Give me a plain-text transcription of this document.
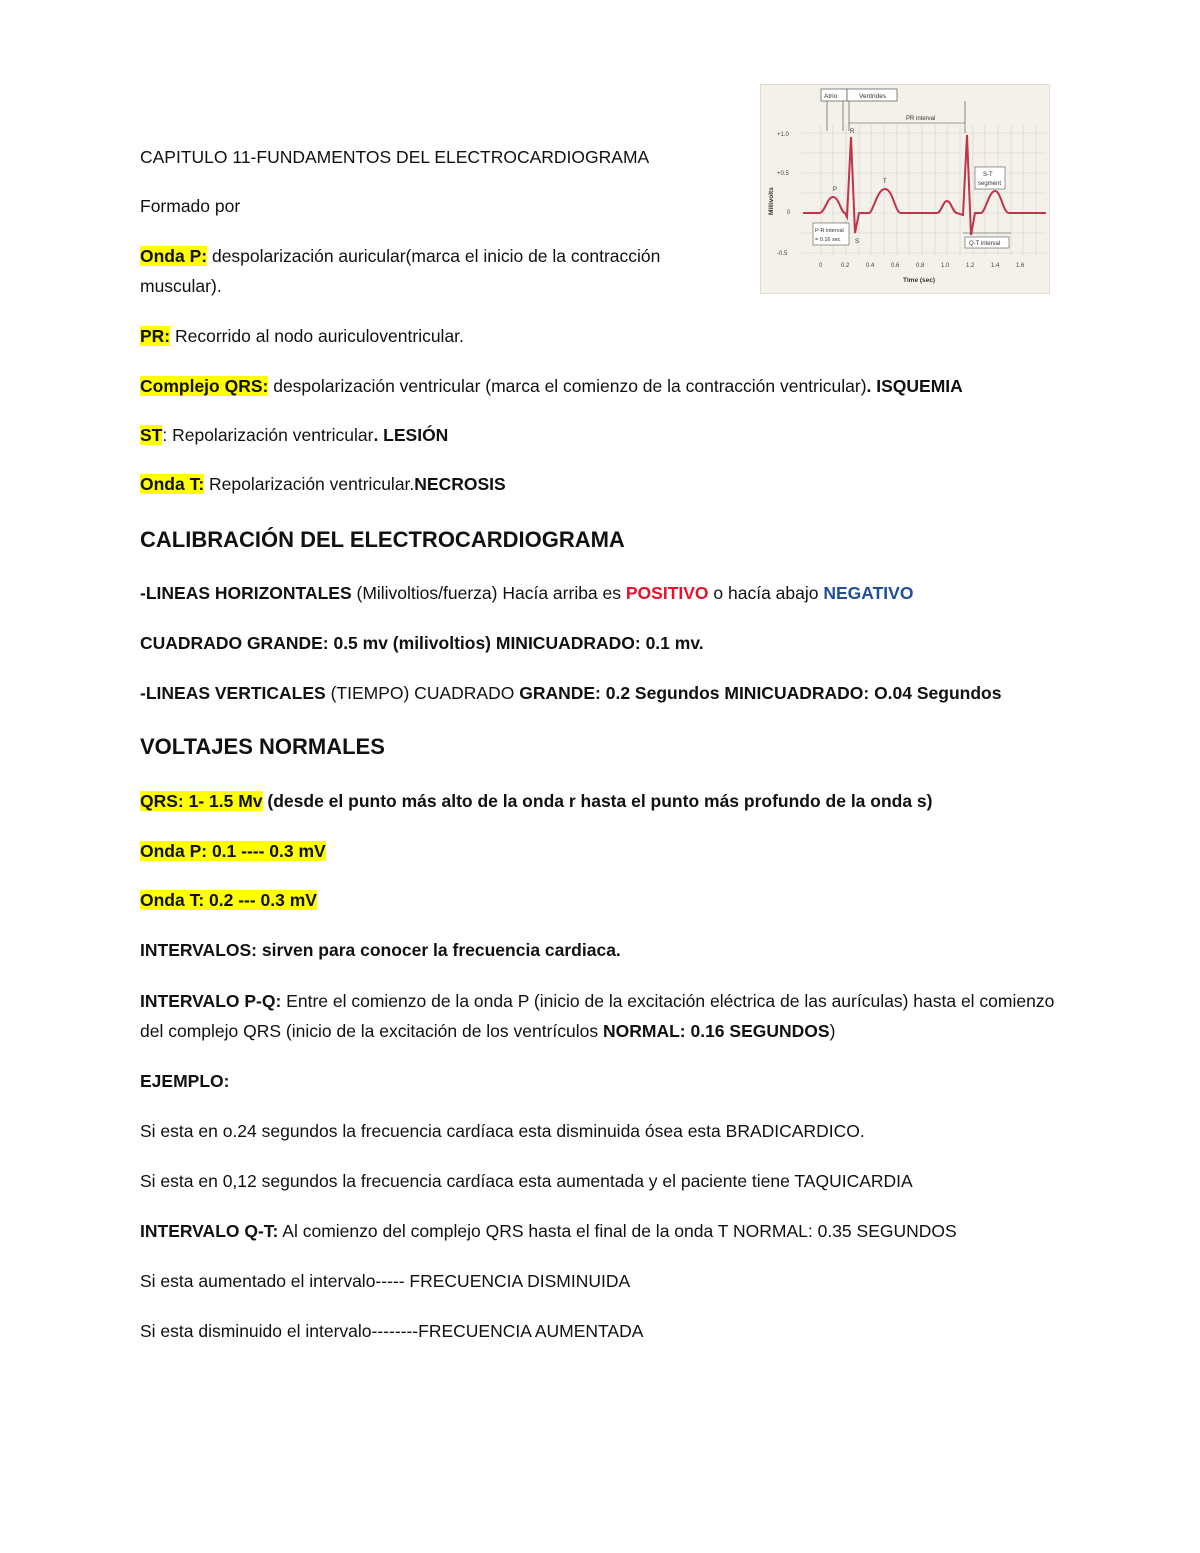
Atrio	Ventrides
PR interval
+1.0
+0.5
0
-0.5
Millivolts
0	0.2	0.4	0.6	0.8	1.0	1.2	1.4	1.6
Time (sec)
P
R
S
T
S-T
segment
P-R interval
= 0.16 sec
Q-T interval
CAPITULO 11-FUNDAMENTOS DEL ELECTROCARDIOGRAMA
Formado por
Onda P: despolarización auricular(marca el inicio de la contracción muscular).
PR: Recorrido al nodo auriculoventricular.
Complejo QRS: despolarización ventricular (marca el comienzo de la contracción ventricular). ISQUEMIA
ST: Repolarización ventricular. LESIÓN
Onda T: Repolarización ventricular.NECROSIS
CALIBRACIÓN DEL ELECTROCARDIOGRAMA
-LINEAS HORIZONTALES (Milivoltios/fuerza) Hacía arriba es POSITIVO o hacía abajo NEGATIVO
CUADRADO GRANDE: 0.5 mv (milivoltios) MINICUADRADO: 0.1 mv.
-LINEAS VERTICALES (TIEMPO) CUADRADO GRANDE: 0.2 Segundos MINICUADRADO: O.04 Segundos
VOLTAJES NORMALES
QRS: 1- 1.5 Mv (desde el punto más alto de la onda r hasta el punto más profundo de la onda s)
Onda P: 0.1 ---- 0.3 mV
Onda T: 0.2 --- 0.3 mV
INTERVALOS: sirven para conocer la frecuencia cardiaca.
INTERVALO P-Q: Entre el comienzo de la onda P (inicio de la excitación eléctrica de las aurículas) hasta el comienzo del complejo QRS (inicio de la excitación de los ventrículos NORMAL: 0.16 SEGUNDOS)
EJEMPLO:
Si esta en o.24 segundos la frecuencia cardíaca esta disminuida ósea esta BRADICARDICO.
Si esta en 0,12 segundos la frecuencia cardíaca esta aumentada y el paciente tiene TAQUICARDIA
INTERVALO Q-T: Al comienzo del complejo QRS hasta el final de la onda T NORMAL: 0.35 SEGUNDOS
Si esta aumentado el intervalo----- FRECUENCIA DISMINUIDA
Si esta disminuido el intervalo--------FRECUENCIA AUMENTADA
